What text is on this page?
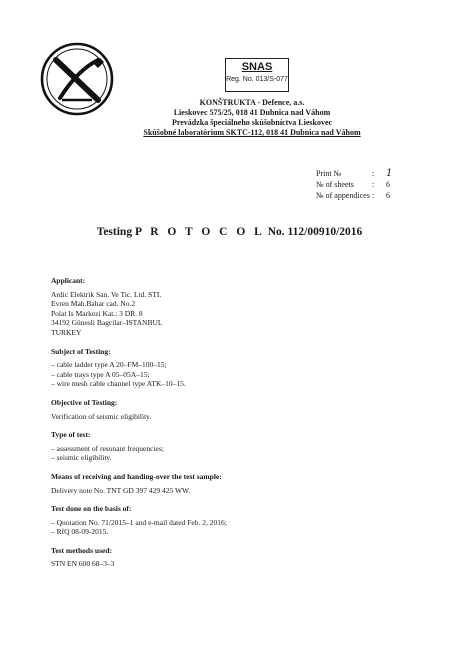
SNAS
Reg. No. 013/S-077
KONŠTRUKTA - Defence, a.s.
Lieskovec 575/25, 018 41 Dubnica nad Váhom
Prevádzka špeciálneho skúšobníctva Lieskovec
Skúšobné laboratórium SKTC-112, 018 41 Dubnica nad Váhom
Print №	:	1
№ of sheets	:	6
№ of appendices :	6
Testing P R O T O C O L No. 112/00910/2016
Applicant:
Ardic Elektrik San. Ve Tic. Ltd. STI.
Evren Mah.Bahar cad. No.2
Polat Is Markezi Kat.: 3 DR. 8
34192 Günesli Bagcilar–ISTANBUL
TURKEY
Subject of Testing:
– cable ladder type A 20–FM–100–15;
– cable trays type A 05–05A–15;
– wire mesh cable channel type ATK–10–15.
Objective of Testing:
Verification of seismic eligibility.
Type of test:
– assessment of resonant frequencies;
– seismic eligibility.
Means of receiving and handing-over the test sample:
Delivery note No. TNT GD 397 429 425 WW.
Test done on the basis of:
– Quotation No. 71/2015–1 and e-mail dated Feb. 2, 2016;
– RfQ 08-09-2015.
Test methods used:
STN EN 600 68–3–3
